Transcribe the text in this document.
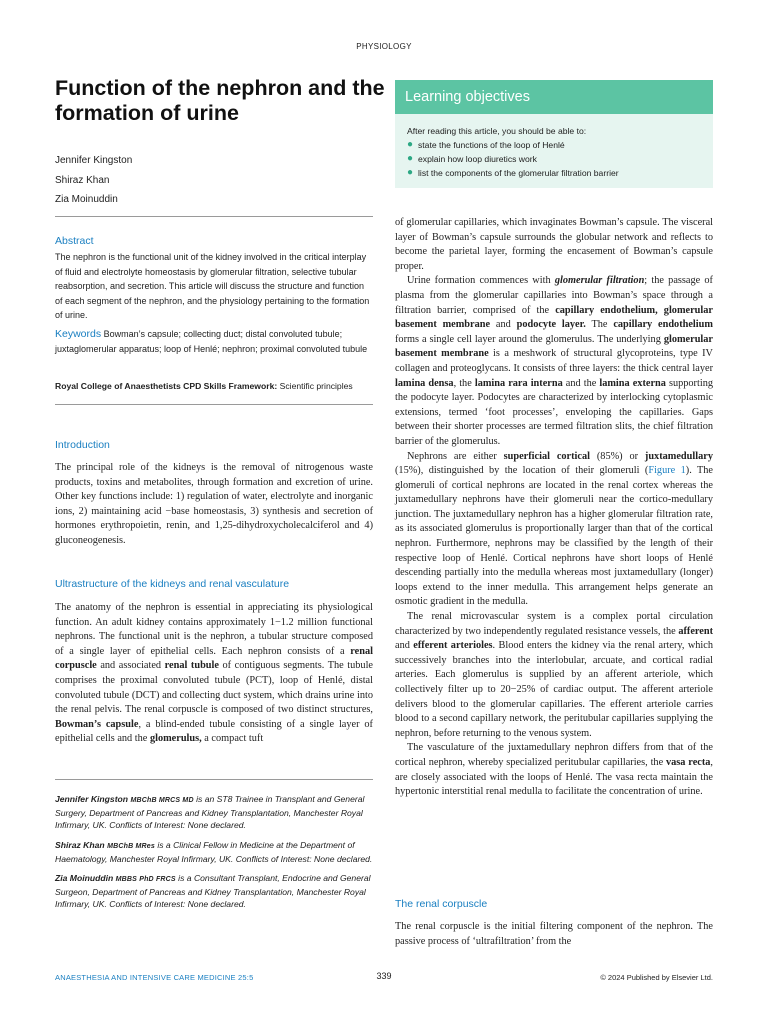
PHYSIOLOGY
Function of the nephron and the formation of urine
Jennifer Kingston
Shiraz Khan
Zia Moinuddin
Learning objectives
After reading this article, you should be able to:
● state the functions of the loop of Henlé
● explain how loop diuretics work
● list the components of the glomerular filtration barrier
Abstract
The nephron is the functional unit of the kidney involved in the critical interplay of fluid and electrolyte homeostasis by glomerular filtration, selective tubular reabsorption, and secretion. This article will discuss the structure and function of each segment of the nephron, and the physiology pertaining to the formation of urine.
Keywords Bowman’s capsule; collecting duct; distal convoluted tubule; juxtaglomerular apparatus; loop of Henlé; nephron; proximal convoluted tubule
Royal College of Anaesthetists CPD Skills Framework: Scientific principles
Introduction

The principal role of the kidneys is the removal of nitrogenous waste products, toxins and metabolites, through formation and excretion of urine. Other key functions include: 1) regulation of water, electrolyte and inorganic ions, 2) maintaining acid −base homeostasis, 3) synthesis and secretion of hormones erythropoietin, renin, and 1,25-dihydroxycholecalciferol and 4) gluconeogenesis.

Ultrastructure of the kidneys and renal vasculature

The anatomy of the nephron is essential in appreciating its physiological function. An adult kidney contains approximately 1−1.2 million functional nephrons. The functional unit is the nephron, a tubular structure composed of a single layer of epithelial cells. Each nephron consists of a renal corpuscle and associated renal tubule of contiguous segments. The tubule comprises the proximal convoluted tubule (PCT), loop of Henlé, distal convoluted tubule (DCT) and collecting duct system, which drains urine into the renal pelvis. The renal corpuscle is composed of two distinct structures, Bowman’s capsule, a blind-ended tubule consisting of a single layer of epithelial cells and the glomerulus, a compact tuft

Jennifer Kingston MBChB MRCS MD is an ST8 Trainee in Transplant and General Surgery, Department of Pancreas and Kidney Transplantation, Manchester Royal Infirmary, UK. Conflicts of Interest: None declared.
Shiraz Khan MBChB MRes is a Clinical Fellow in Medicine at the Department of Haematology, Manchester Royal Infirmary, UK. Conflicts of Interest: None declared.
Zia Moinuddin MBBS PhD FRCS is a Consultant Transplant, Endocrine and General Surgeon, Department of Pancreas and Kidney Transplantation, Manchester Royal Infirmary, UK. Conflicts of Interest: None declared.

of glomerular capillaries, which invaginates Bowman’s capsule. The visceral layer of Bowman’s capsule surrounds the globular network and reflects to become the parietal layer, forming the encasement of Bowman’s capsule proper.

Urine formation commences with glomerular filtration; the passage of plasma from the glomerular capillaries into Bowman’s space through a filtration barrier, comprised of the capillary endothelium, glomerular basement membrane and podocyte layer. The capillary endothelium forms a single cell layer around the glomerulus. The underlying glomerular basement membrane is a meshwork of structural glycoproteins, type IV collagen and proteoglycans. It consists of three layers: the thick central layer lamina densa, the lamina rara interna and the lamina externa supporting the podocyte layer. Podocytes are characterized by interlocking cytoplasmic extensions, termed ‘foot processes’, enveloping the capillaries. Gaps between their shorter processes are termed filtration slits, the chief filtration barrier of the glomerulus.

Nephrons are either superficial cortical (85%) or juxtamedullary (15%), distinguished by the location of their glomeruli (Figure 1). The glomeruli of cortical nephrons are located in the renal cortex whereas the juxtamedullary nephrons have their glomeruli near the cortico-medullary junction. The juxtamedullary nephron has a higher glomerular filtration rate, as its associated glomerulus is proportionally larger than that of the cortical nephron. Furthermore, nephrons may be classified by the length of their respective loop of Henlé. Cortical nephrons have short loops of Henlé descending partially into the medulla whereas most juxtamedullary (longer) loops extend to the inner medulla. This arrangement helps generate an osmotic gradient in the medulla.

The renal microvascular system is a complex portal circulation characterized by two independently regulated resistance vessels, the afferent and efferent arterioles. Blood enters the kidney via the renal artery, which successively branches into the interlobular, arcuate, and cortical radial arteries. Each glomerulus is supplied by an afferent arteriole, which collectively filter up to 20−25% of cardiac output. The afferent arteriole delivers blood to the glomerular capillaries. The efferent arteriole carries blood to a second capillary network, the peritubular capillaries supplying the nephron, before returning to the venous system.

The vasculature of the juxtamedullary nephron differs from that of the cortical nephron, whereby specialized peritubular capillaries, the vasa recta, are closely associated with the loops of Henlé. The vasa recta maintain the hypertonic interstitial renal medulla to facilitate the concentration of urine.

The renal corpuscle

The renal corpuscle is the initial filtering component of the nephron. The passive process of ‘ultrafiltration’ from the

ANAESTHESIA AND INTENSIVE CARE MEDICINE 25:5	339	© 2024 Published by Elsevier Ltd.
